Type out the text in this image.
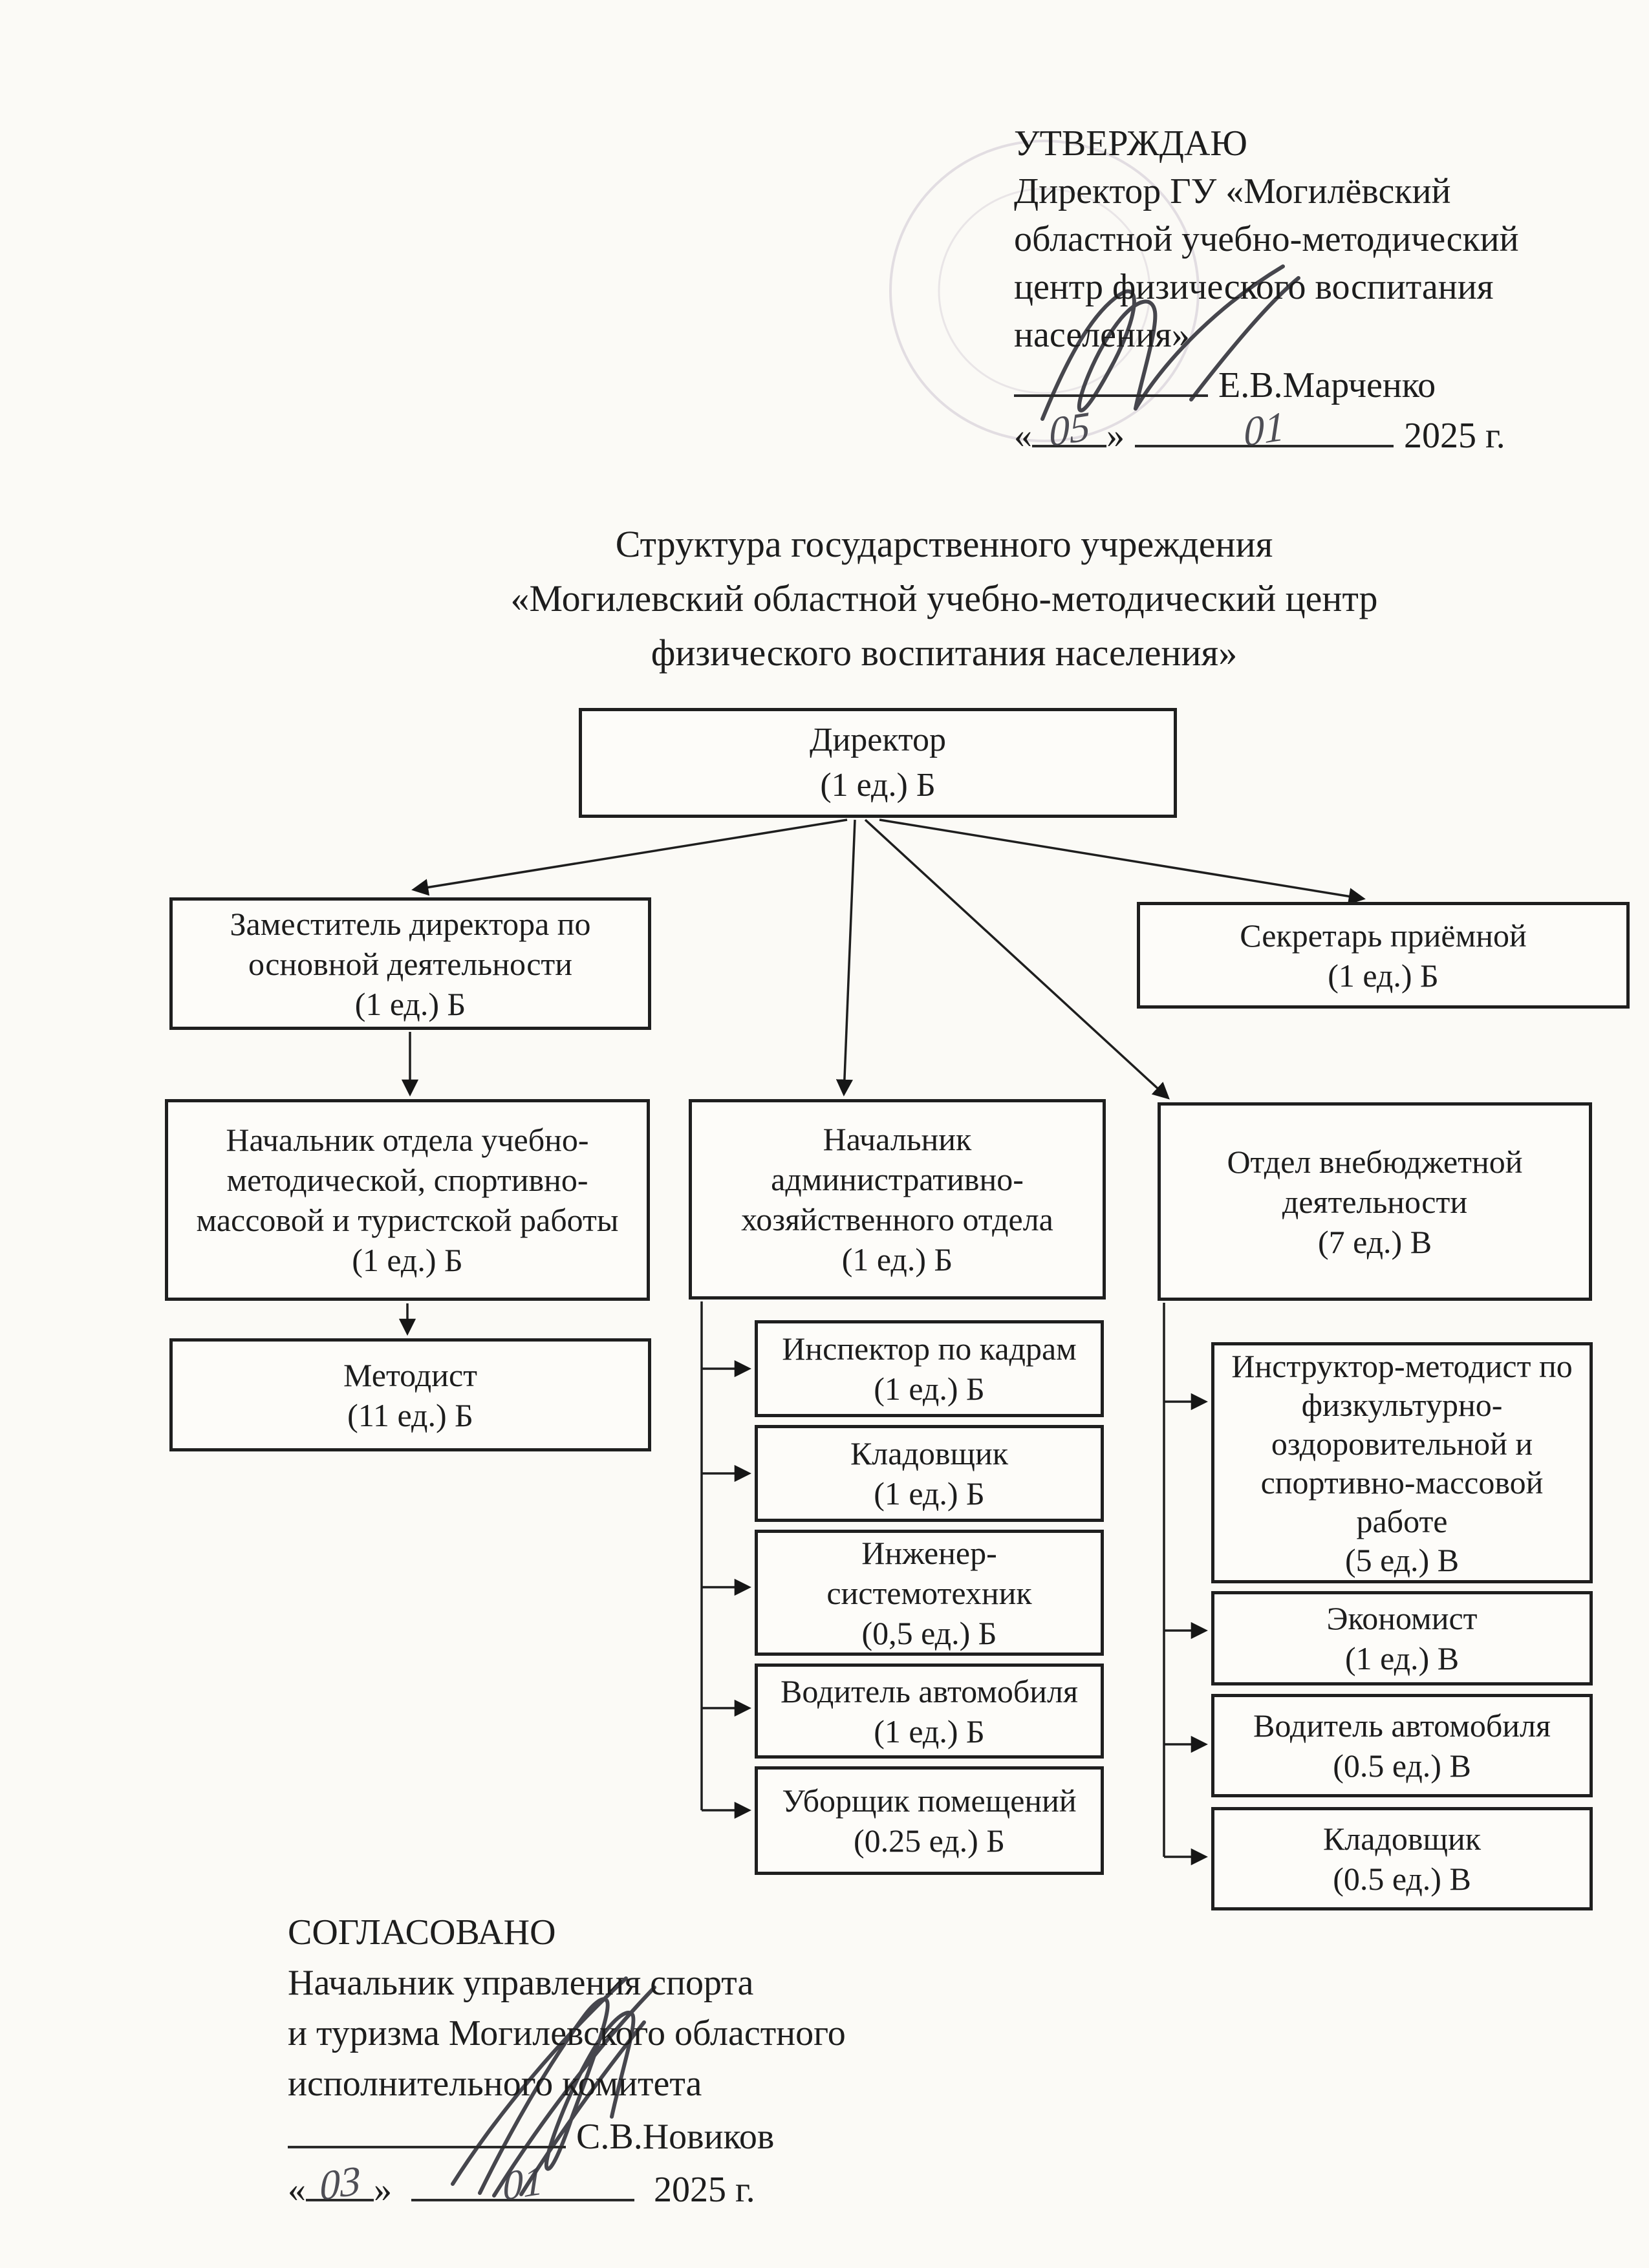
УТВЕРЖДАЮ
Директор ГУ «Могилёвский
областной учебно-методический
центр физического воспитания
населения»
Е.В.Марченко
« 05 »	01	2025 г.
Структура государственного учреждения
«Могилевский областной учебно-методический центр
физического воспитания населения»
Директор
(1 ед.) Б
Заместитель директора по основной деятельности
(1 ед.) Б
Секретарь приёмной
(1 ед.) Б
Начальник отдела учебно-методической, спортивно-массовой и туристской работы
(1 ед.) Б
Методист
(11 ед.) Б
Начальник административно-хозяйственного отдела
(1 ед.) Б
Инспектор по кадрам
(1 ед.) Б
Кладовщик
(1 ед.) Б
Инженер-системотехник
(0,5 ед.) Б
Водитель автомобиля
(1 ед.) Б
Уборщик помещений
(0.25 ед.) Б
Отдел внебюджетной деятельности
(7 ед.) В
Инструктор-методист по физкультурно-оздоровительной и спортивно-массовой работе
(5 ед.) В
Экономист
(1 ед.) В
Водитель автомобиля
(0.5 ед.) В
Кладовщик
(0.5 ед.) В
СОГЛАСОВАНО
Начальник управления спорта
и туризма Могилевского областного
исполнительного комитета
С.В.Новиков
« 03 »	01	2025 г.
